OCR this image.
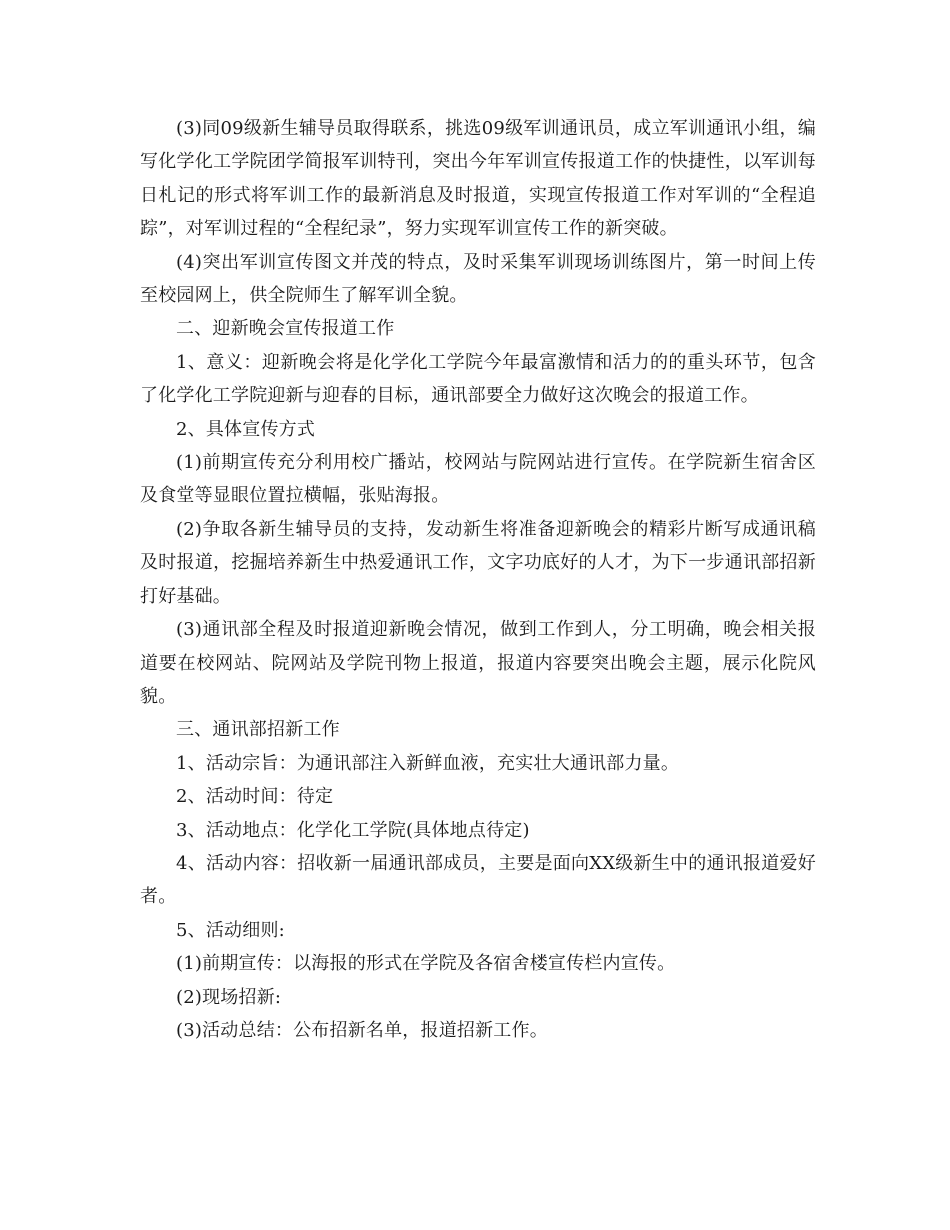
(3)同09级新生辅导员取得联系，挑选09级军训通讯员，成立军训通讯小组，编写化学化工学院团学简报军训特刊，突出今年军训宣传报道工作的快捷性，以军训每日札记的形式将军训工作的最新消息及时报道，实现宣传报道工作对军训的“全程追踪”，对军训过程的“全程纪录”，努力实现军训宣传工作的新突破。

(4)突出军训宣传图文并茂的特点，及时采集军训现场训练图片，第一时间上传至校园网上，供全院师生了解军训全貌。

二、迎新晚会宣传报道工作

1、意义：迎新晚会将是化学化工学院今年最富激情和活力的的重头环节，包含了化学化工学院迎新与迎春的目标，通讯部要全力做好这次晚会的报道工作。

2、具体宣传方式

(1)前期宣传充分利用校广播站，校网站与院网站进行宣传。在学院新生宿舍区及食堂等显眼位置拉横幅，张贴海报。

(2)争取各新生辅导员的支持，发动新生将准备迎新晚会的精彩片断写成通讯稿及时报道，挖掘培养新生中热爱通讯工作，文字功底好的人才，为下一步通讯部招新打好基础。

(3)通讯部全程及时报道迎新晚会情况，做到工作到人，分工明确，晚会相关报道要在校网站、院网站及学院刊物上报道，报道内容要突出晚会主题，展示化院风貌。

三、通讯部招新工作

1、活动宗旨：为通讯部注入新鲜血液，充实壮大通讯部力量。

2、活动时间：待定

3、活动地点：化学化工学院(具体地点待定)

4、活动内容：招收新一届通讯部成员，主要是面向XX级新生中的通讯报道爱好者。

5、活动细则:

(1)前期宣传：以海报的形式在学院及各宿舍楼宣传栏内宣传。

(2)现场招新:

(3)活动总结：公布招新名单，报道招新工作。
